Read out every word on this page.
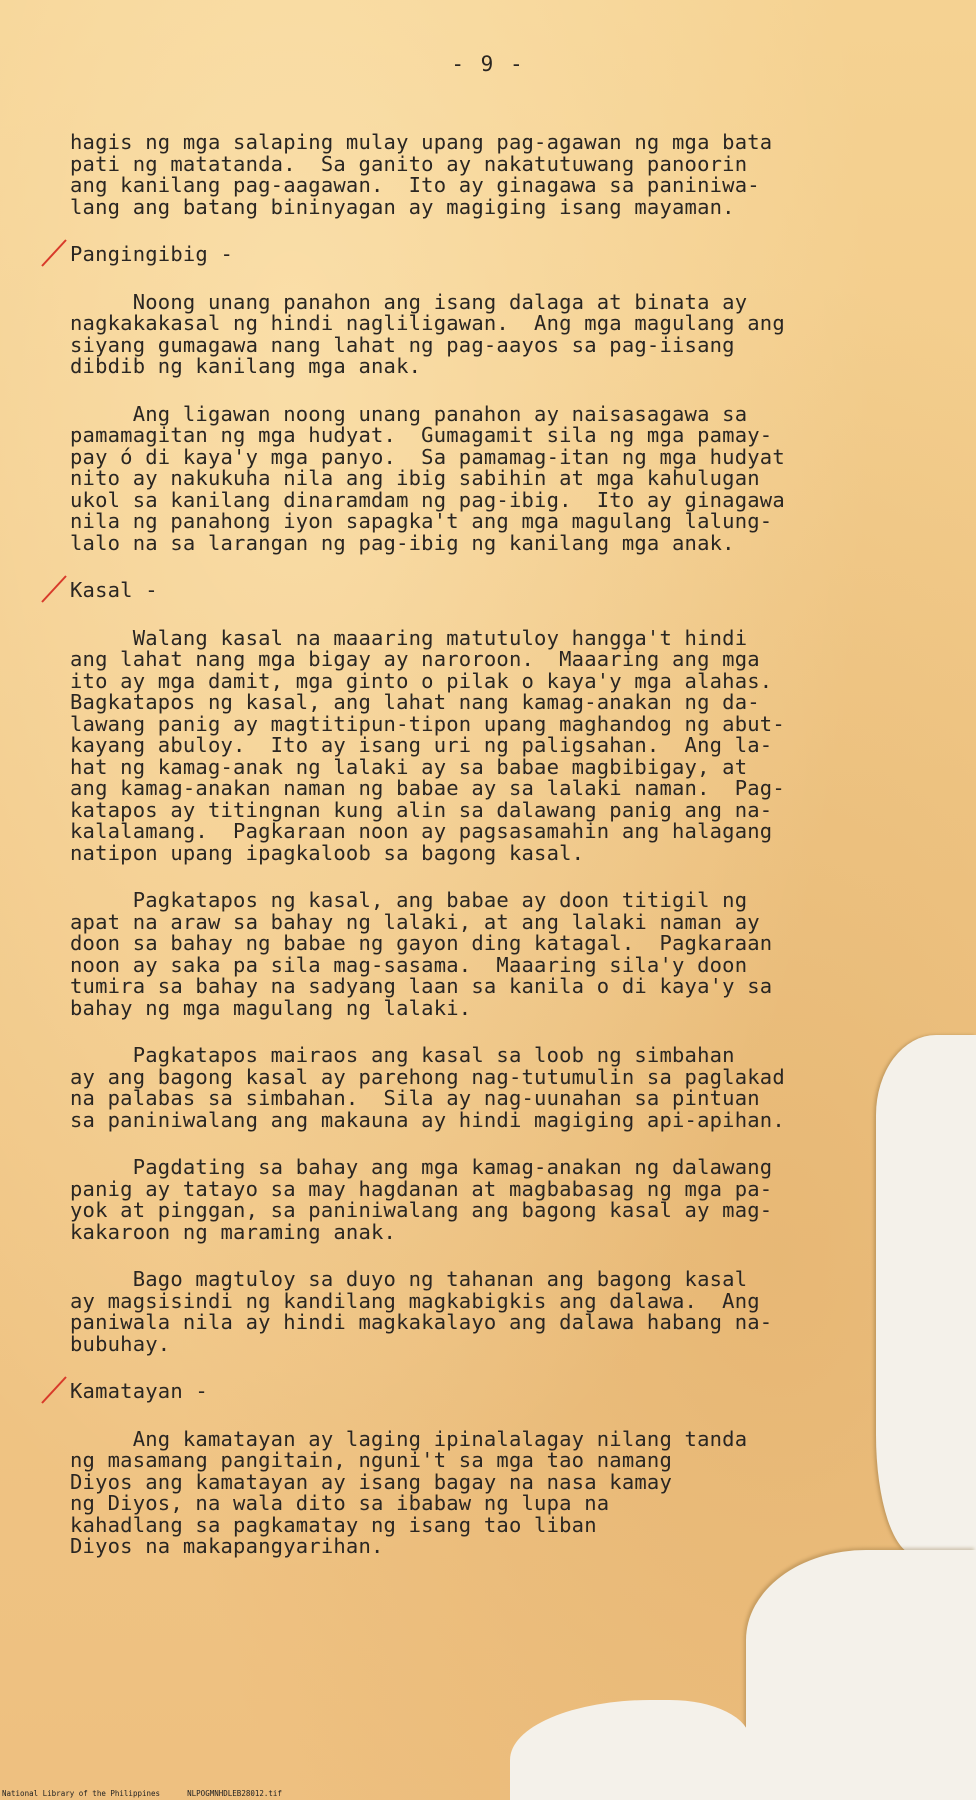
- 9 -
hagis ng mga salaping mulay upang pag-agawan ng mga bata
pati ng matatanda.  Sa ganito ay nakatutuwang panoorin
ang kanilang pag-aagawan.  Ito ay ginagawa sa paniniwa-
lang ang batang bininyagan ay magiging isang mayaman.
Pangingibig -
Noong unang panahon ang isang dalaga at binata ay
nagkakakasal ng hindi nagliligawan.  Ang mga magulang ang
siyang gumagawa nang lahat ng pag-aayos sa pag-iisang
dibdib ng kanilang mga anak.
Ang ligawan noong unang panahon ay naisasagawa sa
pamamagitan ng mga hudyat.  Gumagamit sila ng mga pamay-
pay ó di kaya'y mga panyo.  Sa pamamag-itan ng mga hudyat
nito ay nakukuha nila ang ibig sabihin at mga kahulugan
ukol sa kanilang dinaramdam ng pag-ibig.  Ito ay ginagawa
nila ng panahong iyon sapagka't ang mga magulang lalung-
lalo na sa larangan ng pag-ibig ng kanilang mga anak.
Kasal -
Walang kasal na maaaring matutuloy hangga't hindi
ang lahat nang mga bigay ay naroroon.  Maaaring ang mga
ito ay mga damit, mga ginto o pilak o kaya'y mga alahas.
Bagkatapos ng kasal, ang lahat nang kamag-anakan ng da-
lawang panig ay magtitipun-tipon upang maghandog ng abut-
kayang abuloy.  Ito ay isang uri ng paligsahan.  Ang la-
hat ng kamag-anak ng lalaki ay sa babae magbibigay, at
ang kamag-anakan naman ng babae ay sa lalaki naman.  Pag-
katapos ay titingnan kung alin sa dalawang panig ang na-
kalalamang.  Pagkaraan noon ay pagsasamahin ang halagang
natipon upang ipagkaloob sa bagong kasal.
Pagkatapos ng kasal, ang babae ay doon titigil ng
apat na araw sa bahay ng lalaki, at ang lalaki naman ay
doon sa bahay ng babae ng gayon ding katagal.  Pagkaraan
noon ay saka pa sila mag-sasama.  Maaaring sila'y doon
tumira sa bahay na sadyang laan sa kanila o di kaya'y sa
bahay ng mga magulang ng lalaki.
Pagkatapos mairaos ang kasal sa loob ng simbahan
ay ang bagong kasal ay parehong nag-tutumulin sa paglakad
na palabas sa simbahan.  Sila ay nag-uunahan sa pintuan
sa paniniwalang ang makauna ay hindi magiging api-apihan.
Pagdating sa bahay ang mga kamag-anakan ng dalawang
panig ay tatayo sa may hagdanan at magbabasag ng mga pa-
yok at pinggan, sa paniniwalang ang bagong kasal ay mag-
kakaroon ng maraming anak.
Bago magtuloy sa duyo ng tahanan ang bagong kasal
ay magsisindi ng kandilang magkabigkis ang dalawa.  Ang
paniwala nila ay hindi magkakalayo ang dalawa habang na-
bubuhay.
Kamatayan -
Ang kamatayan ay laging ipinalalagay nilang tanda
ng masamang pangitain, nguni't sa mga tao namang
Diyos ang kamatayan ay isang bagay na nasa kamay
ng Diyos, na wala dito sa ibabaw ng lupa na
kahadlang sa pagkamatay ng isang tao liban
Diyos na makapangyarihan.
National Library of the Philippines	NLPOGMNHDLEB28012.tif
